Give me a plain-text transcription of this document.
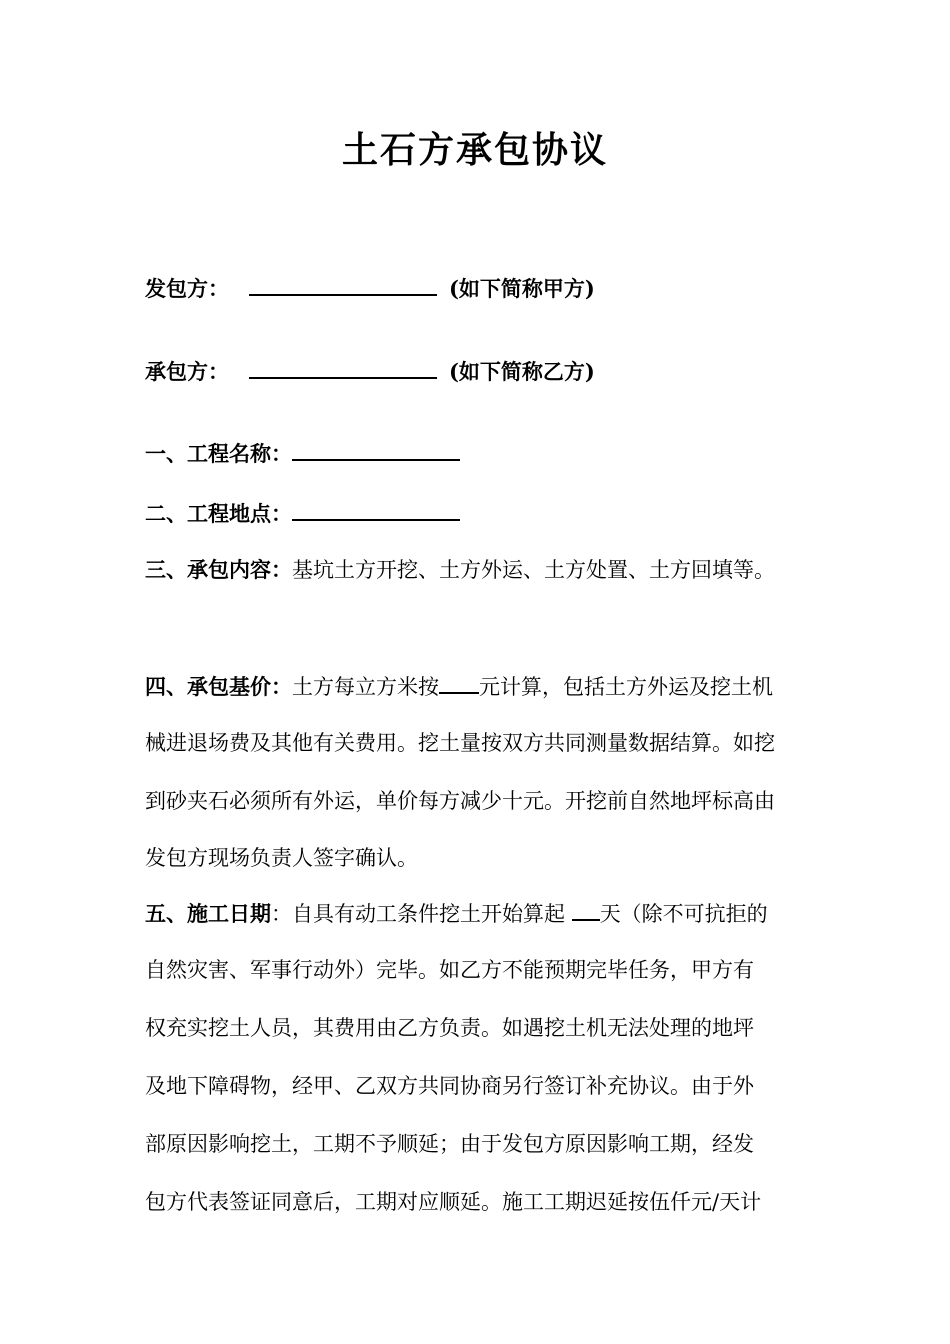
土石方承包协议
发包方：	(如下简称甲方)
承包方：	(如下简称乙方)
一、工程名称：
二、工程地点：
三、承包内容：基坑土方开挖、土方外运、土方处置、土方回填等。
四、承包基价：土方每立方米按 元计算，包括土方外运及挖土机
械进退场费及其他有关费用。挖土量按双方共同测量数据结算。如挖
到砂夹石必须所有外运，单价每方减少十元。开挖前自然地坪标高由
发包方现场负责人签字确认。
五、施工日期：自具有动工条件挖土开始算起 天（除不可抗拒的
自然灾害、军事行动外）完毕。如乙方不能预期完毕任务，甲方有
权充实挖土人员，其费用由乙方负责。如遇挖土机无法处理的地坪
及地下障碍物，经甲、乙双方共同协商另行签订补充协议。由于外
部原因影响挖土，工期不予顺延；由于发包方原因影响工期，经发
包方代表签证同意后，工期对应顺延。施工工期迟延按伍仟元/天计
